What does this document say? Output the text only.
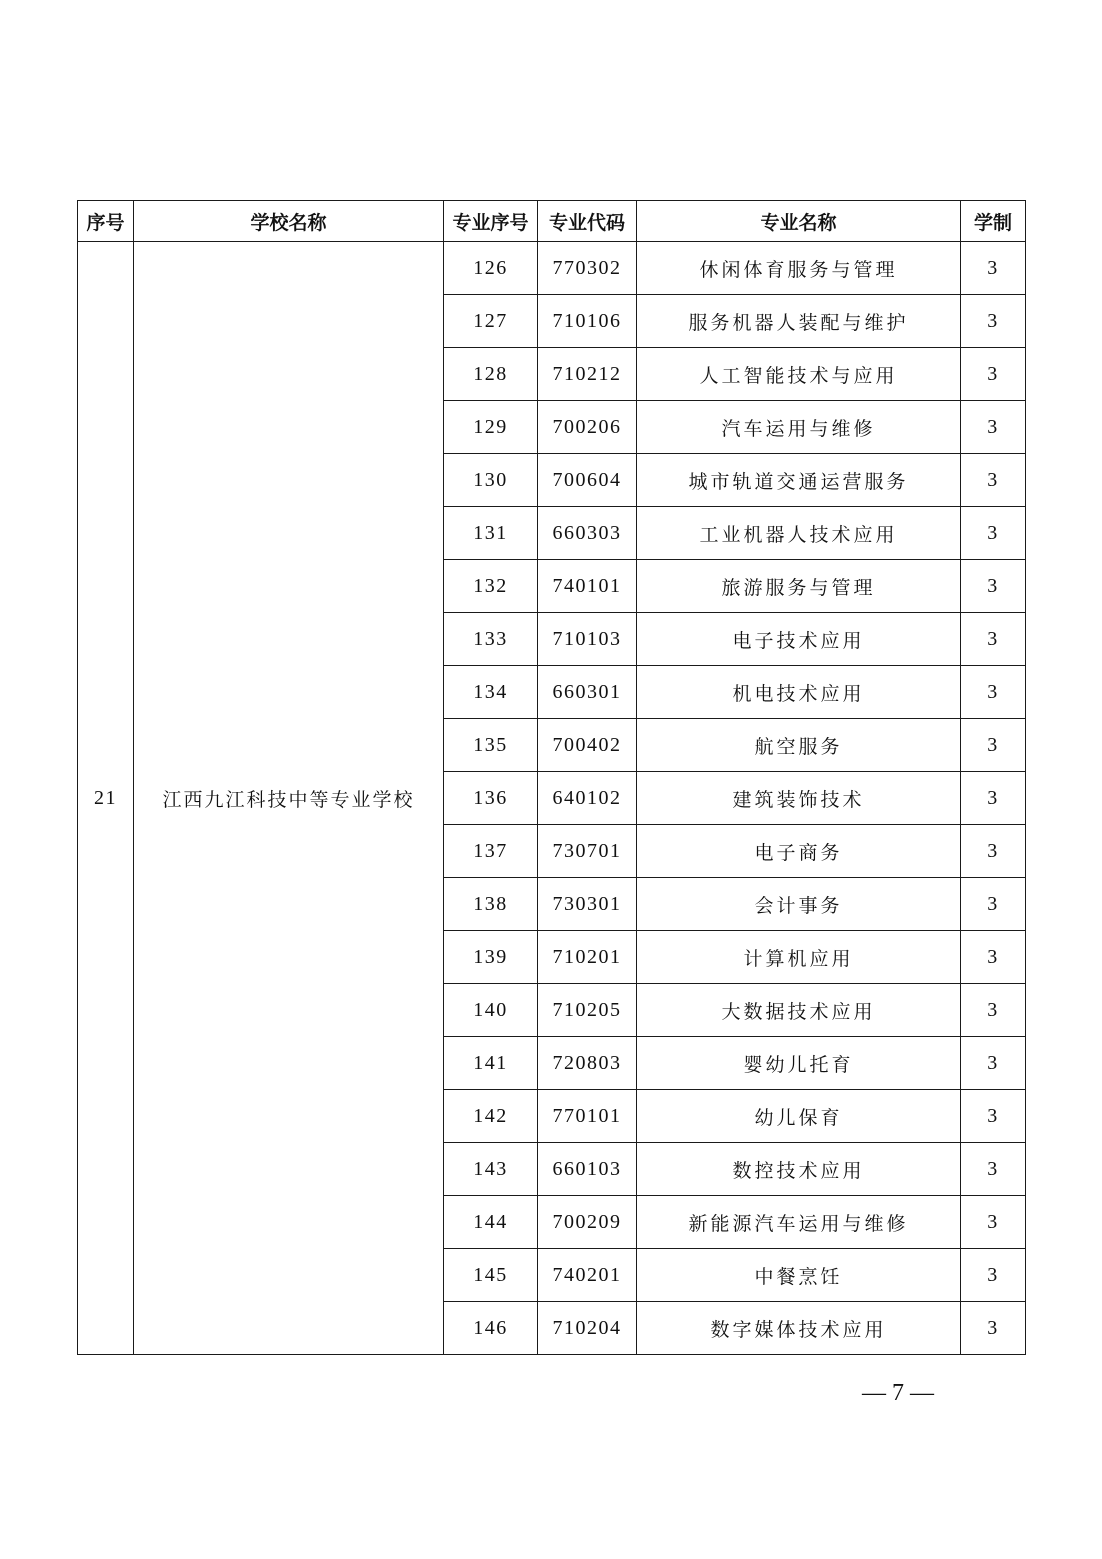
序号	学校名称	专业序号	专业代码	专业名称	学制
21	江西九江科技中等专业学校	126	770302	休闲体育服务与管理	3
		127	710106	服务机器人装配与维护	3
		128	710212	人工智能技术与应用	3
		129	700206	汽车运用与维修	3
		130	700604	城市轨道交通运营服务	3
		131	660303	工业机器人技术应用	3
		132	740101	旅游服务与管理	3
		133	710103	电子技术应用	3
		134	660301	机电技术应用	3
		135	700402	航空服务	3
		136	640102	建筑装饰技术	3
		137	730701	电子商务	3
		138	730301	会计事务	3
		139	710201	计算机应用	3
		140	710205	大数据技术应用	3
		141	720803	婴幼儿托育	3
		142	770101	幼儿保育	3
		143	660103	数控技术应用	3
		144	700209	新能源汽车运用与维修	3
		145	740201	中餐烹饪	3
		146	710204	数字媒体技术应用	3
— 7 —
